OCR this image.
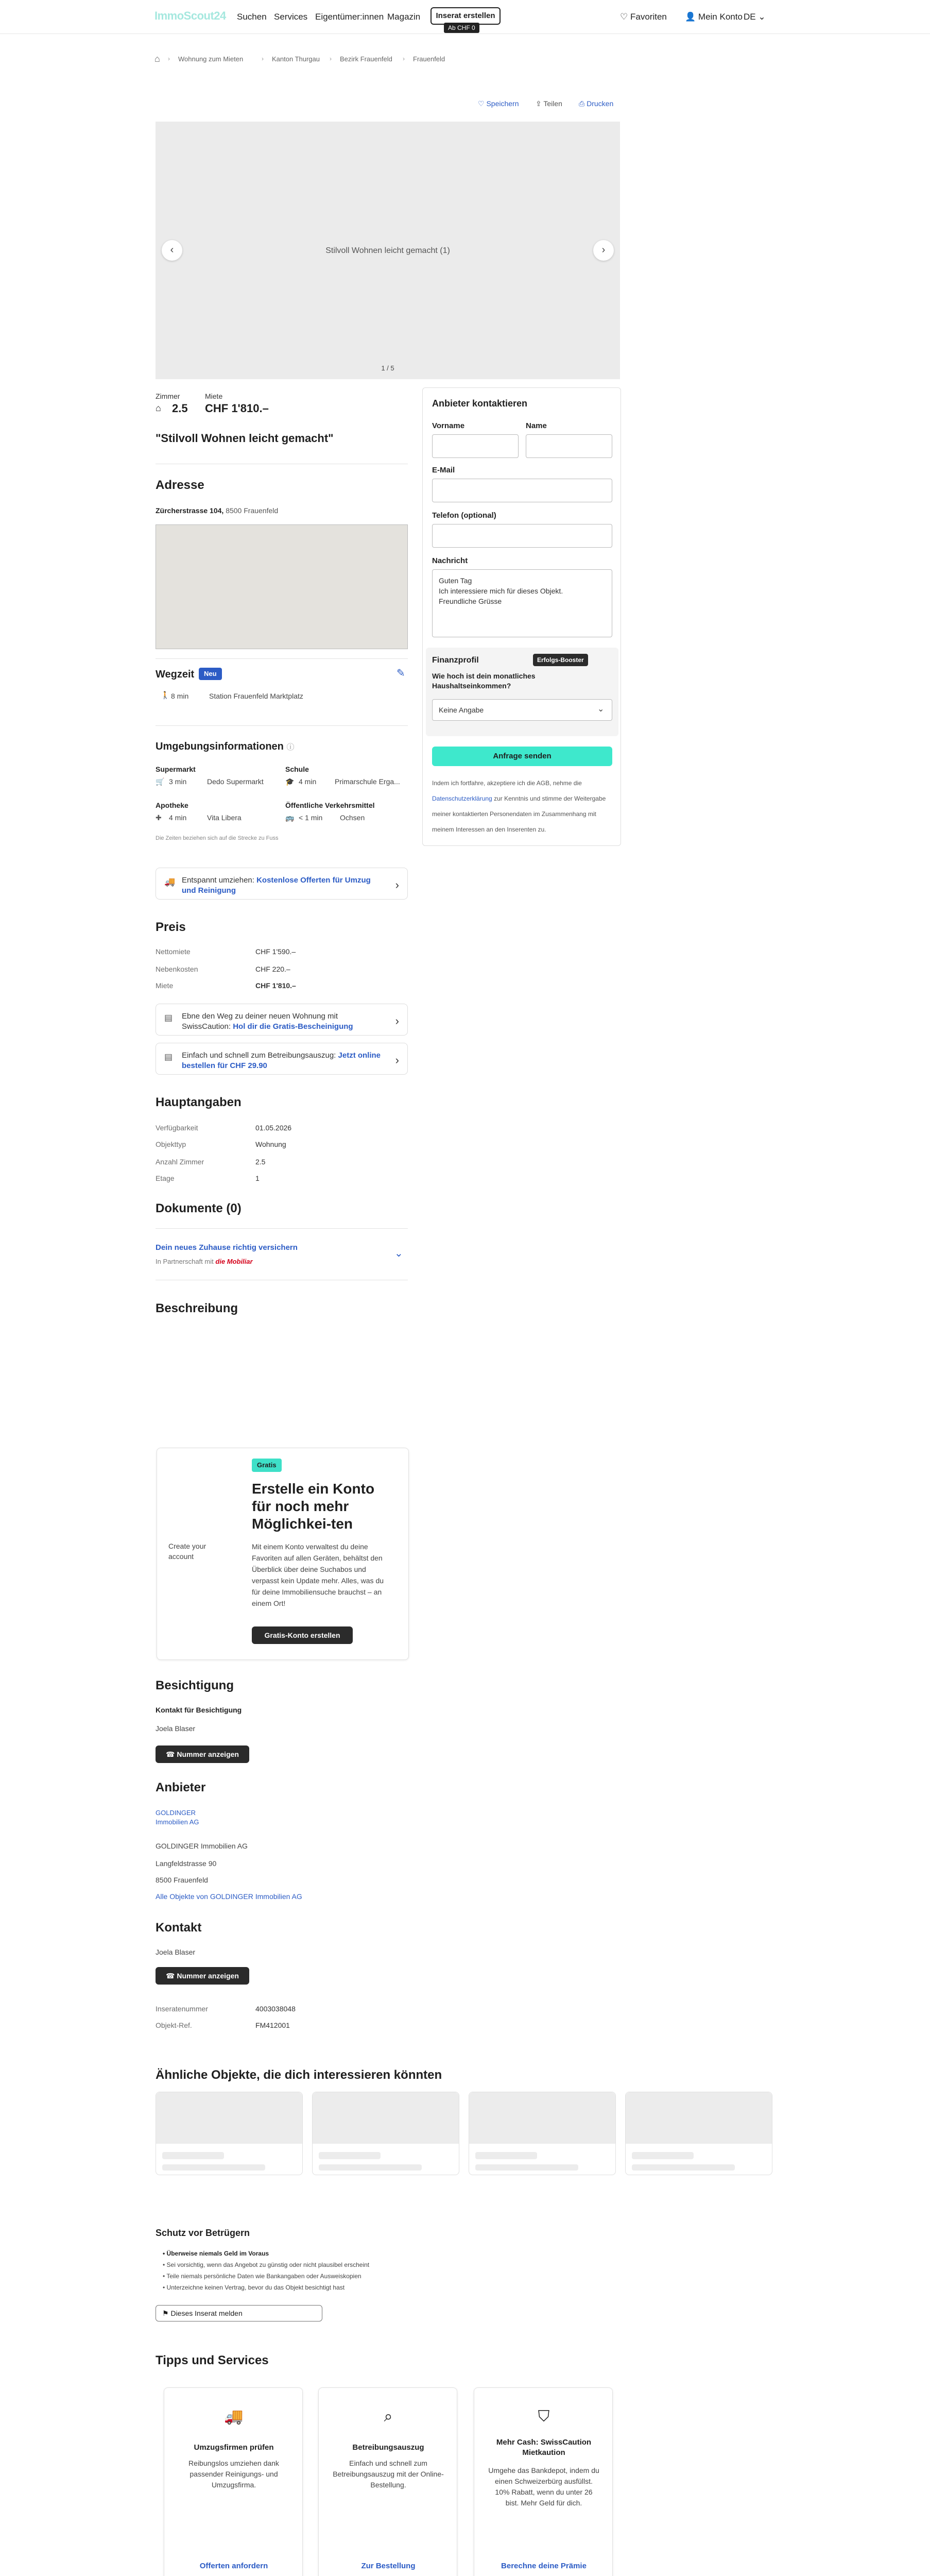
ImmoScout24 Suchen Services Eigentümer:innen Magazin	Inserat erstellen
Ab CHF 0
♡ Favoriten 👤 Mein Konto DE ⌄
⌂ › Wohnung zum Mieten	› Kanton Thurgau › Bezirk Frauenfeld › Frauenfeld
♡ Speichern ⇪ Teilen ⎙ Drucken
Stilvoll Wohnen leicht gemacht (1)
‹	›
1 / 5
Zimmer
⌂ 2.5
Miete
CHF 1'810.–
"Stilvoll Wohnen leicht gemacht"
Adresse
Zürcherstrasse 104, 8500 Frauenfeld
Wegzeit	Neu	✎
🚶 8 min	Station Frauenfeld Marktplatz
Umgebungsinformationen ⓘ
Supermarkt
🛒 3 min	Dedo Supermarkt
Schule
🎓 4 min	Primarschule Erga...
Apotheke
✚ 4 min	Vita Libera
Öffentliche Verkehrsmittel
🚌 < 1 min Ochsen
Die Zeiten beziehen sich auf die Strecke zu Fuss
🚚 Entspannt umziehen: Kostenlose Offerten für Umzug und Reinigung	›
Preis
Nettomiete	CHF 1'590.–
Nebenkosten	CHF 220.–
Miete	CHF 1'810.–
▤ Ebne den Weg zu deiner neuen Wohnung mit SwissCaution: Hol dir die Gratis-Bescheinigung	›
▤ Einfach und schnell zum Betreibungsauszug: Jetzt online bestellen für CHF 29.90	›
Hauptangaben
Verfügbarkeit	01.05.2026
Objekttyp	Wohnung
Anzahl Zimmer	2.5
Etage	1
Dokumente (0)
Dein neues Zuhause richtig versichern
In Partnerschaft mit die Mobiliar
⌄
Beschreibung
Create your account
Gratis
Erstelle ein Konto für noch mehr Möglichkei-ten
Mit einem Konto verwaltest du deine Favoriten auf allen Geräten, behältst den Überblick über deine Suchabos und verpasst kein Update mehr. Alles, was du für deine Immobiliensuche brauchst – an einem Ort!
Gratis-Konto erstellen
Besichtigung
Kontakt für Besichtigung
Joela Blaser
☎ Nummer anzeigen
Anbieter
GOLDINGER
Immobilien AG
GOLDINGER Immobilien AG
Langfeldstrasse 90
8500 Frauenfeld
Alle Objekte von GOLDINGER Immobilien AG
Kontakt
Joela Blaser
☎ Nummer anzeigen
Inseratenummer	4003038048
Objekt-Ref.	FM412001
Ähnliche Objekte, die dich interessieren könnten
Schutz vor Betrügern
• Überweise niemals Geld im Voraus
• Sei vorsichtig, wenn das Angebot zu günstig oder nicht plausibel erscheint
• Teile niemals persönliche Daten wie Bankangaben oder Ausweiskopien
• Unterzeichne keinen Vertrag, bevor du das Objekt besichtigt hast
⚑ Dieses Inserat melden
Tipps und Services
🚚
Umzugsfirmen prüfen
Reibungslos umziehen dank passender Reinigungs- und Umzugsfirma.
Offerten anfordern
⌕
Betreibungsauszug
Einfach und schnell zum Betreibungsauszug mit der Online-Bestellung.
Zur Bestellung
⛉
Mehr Cash: SwissCaution Mietkaution
Umgehe das Bankdepot, indem du einen Schweizerbürg ausfüllst. 10% Rabatt, wenn du unter 26 bist. Mehr Geld für dich.
Berechne deine Prämie
Anbieter kontaktieren
Vorname	Name
E-Mail
Telefon (optional)
Nachricht
Guten Tag
Ich interessiere mich für dieses Objekt.
Freundliche Grüsse
Finanzprofil	Erfolgs-Booster
Wie hoch ist dein monatliches Haushaltseinkommen?
Keine Angabe	⌄
Anfrage senden
Indem ich fortfahre, akzeptiere ich die AGB, nehme die Datenschutzerklärung zur Kenntnis und stimme der Weitergabe meiner kontaktierten Personendaten im Zusammenhang mit meinem Interessen an den Inserenten zu.
